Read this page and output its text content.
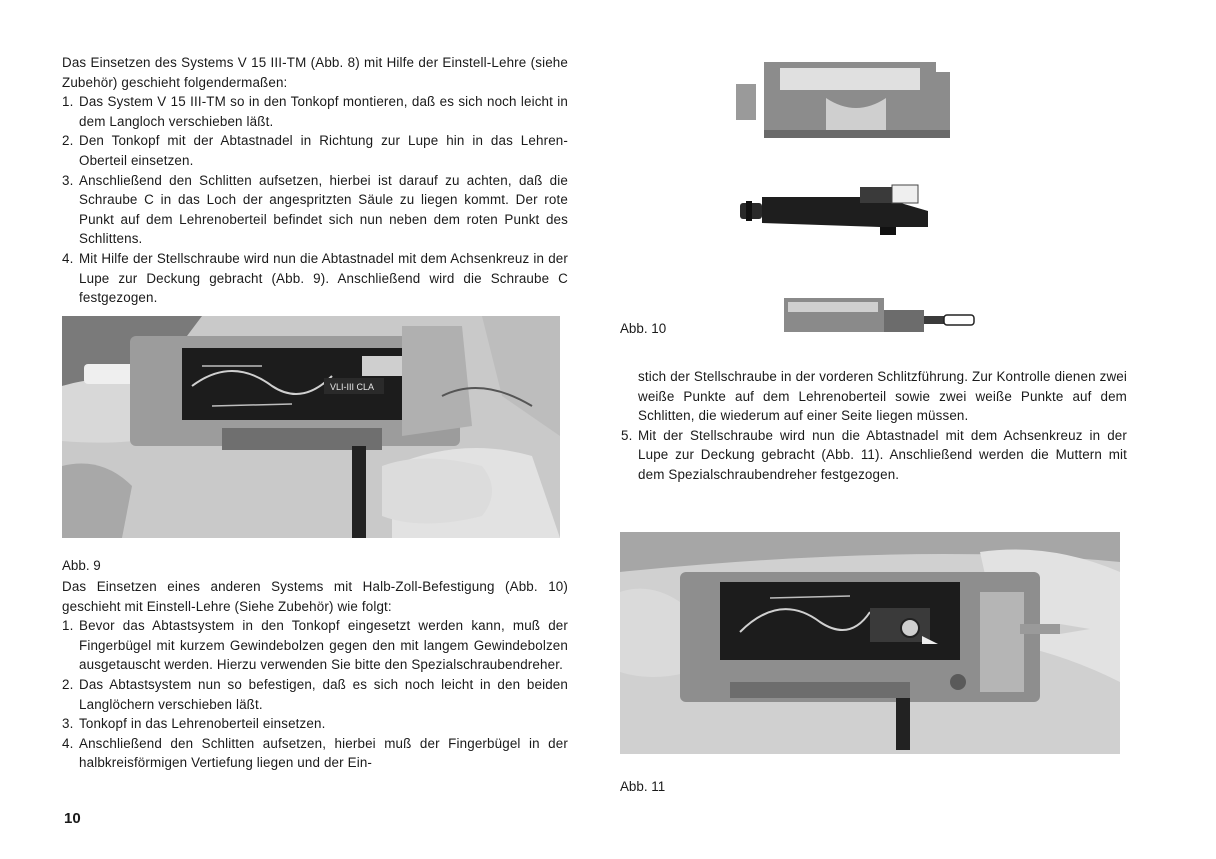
Das Einsetzen des Systems V 15 III-TM (Abb. 8) mit Hilfe der Einstell-Lehre (siehe Zubehör) geschieht folgendermaßen:

1. Das System V 15 III-TM so in den Tonkopf montieren, daß es sich noch leicht in dem Langloch verschieben läßt.
2. Den Tonkopf mit der Abtastnadel in Richtung zur Lupe hin in das Lehren-Oberteil einsetzen.
3. Anschließend den Schlitten aufsetzen, hierbei ist darauf zu achten, daß die Schraube C in das Loch der angespritzten Säule zu liegen kommt. Der rote Punkt auf dem Lehrenoberteil befindet sich nun neben dem roten Punkt des Schlittens.
4. Mit Hilfe der Stellschraube wird nun die Abtastnadel mit dem Achsenkreuz in der Lupe zur Deckung gebracht (Abb. 9). Anschließend wird die Schraube C festgezogen.
VLI-III CLA
Abb. 9

Das Einsetzen eines anderen Systems mit Halb-Zoll-Befestigung (Abb. 10) geschieht mit Einstell-Lehre (Siehe Zubehör) wie folgt:

1. Bevor das Abtastsystem in den Tonkopf eingesetzt werden kann, muß der Fingerbügel mit kurzem Gewindebolzen gegen den mit langem Gewindebolzen ausgetauscht werden. Hierzu verwenden Sie bitte den Spezialschraubendreher.
2. Das Abtastsystem nun so befestigen, daß es sich noch leicht in den beiden Langlöchern verschieben läßt.
3. Tonkopf in das Lehrenoberteil einsetzen.
4. Anschließend den Schlitten aufsetzen, hierbei muß der Fingerbügel in der halbkreisförmigen Vertiefung liegen und der Ein-
10
Abb. 10

stich der Stellschraube in der vorderen Schlitzführung. Zur Kontrolle dienen zwei weiße Punkte auf dem Lehrenoberteil sowie zwei weiße Punkte auf dem Schlitten, die wiederum auf einer Seite liegen müssen.

5. Mit der Stellschraube wird nun die Abtastnadel mit dem Achsenkreuz in der Lupe zur Deckung gebracht (Abb. 11). Anschließend werden die Muttern mit dem Spezialschraubendreher festgezogen.
Abb. 11
